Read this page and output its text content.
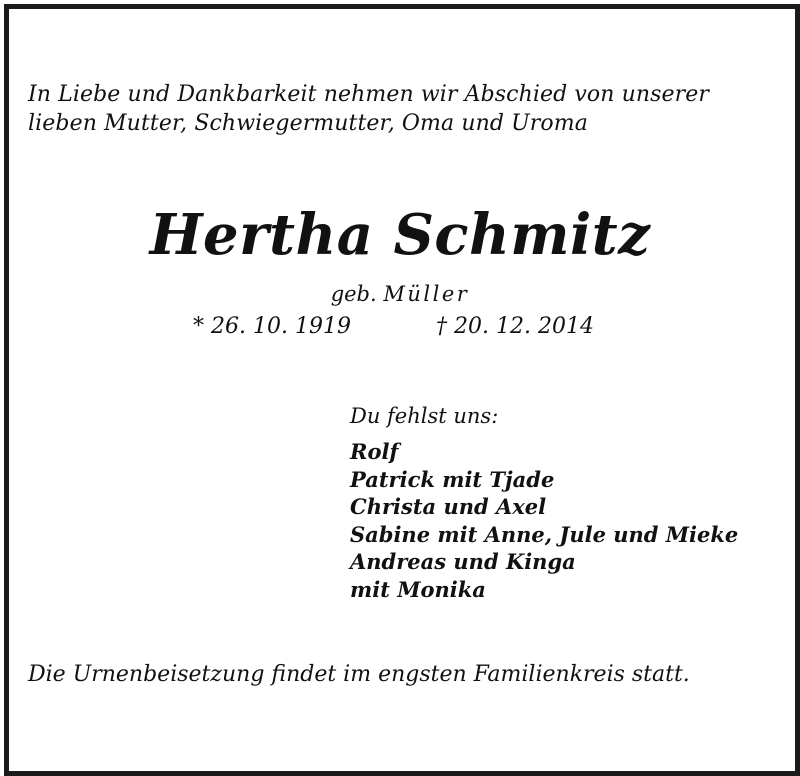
In Liebe und Dankbarkeit nehmen wir Abschied von unserer
lieben Mutter, Schwiegermutter, Oma und Uroma
Hertha Schmitz
geb. Müller
* 26. 10. 1919	† 20. 12. 2014
Du fehlst uns:
Rolf
Patrick mit Tjade
Christa und Axel
Sabine mit Anne, Jule und Mieke
Andreas und Kinga
mit Monika
Die Urnenbeisetzung findet im engsten Familienkreis statt.
